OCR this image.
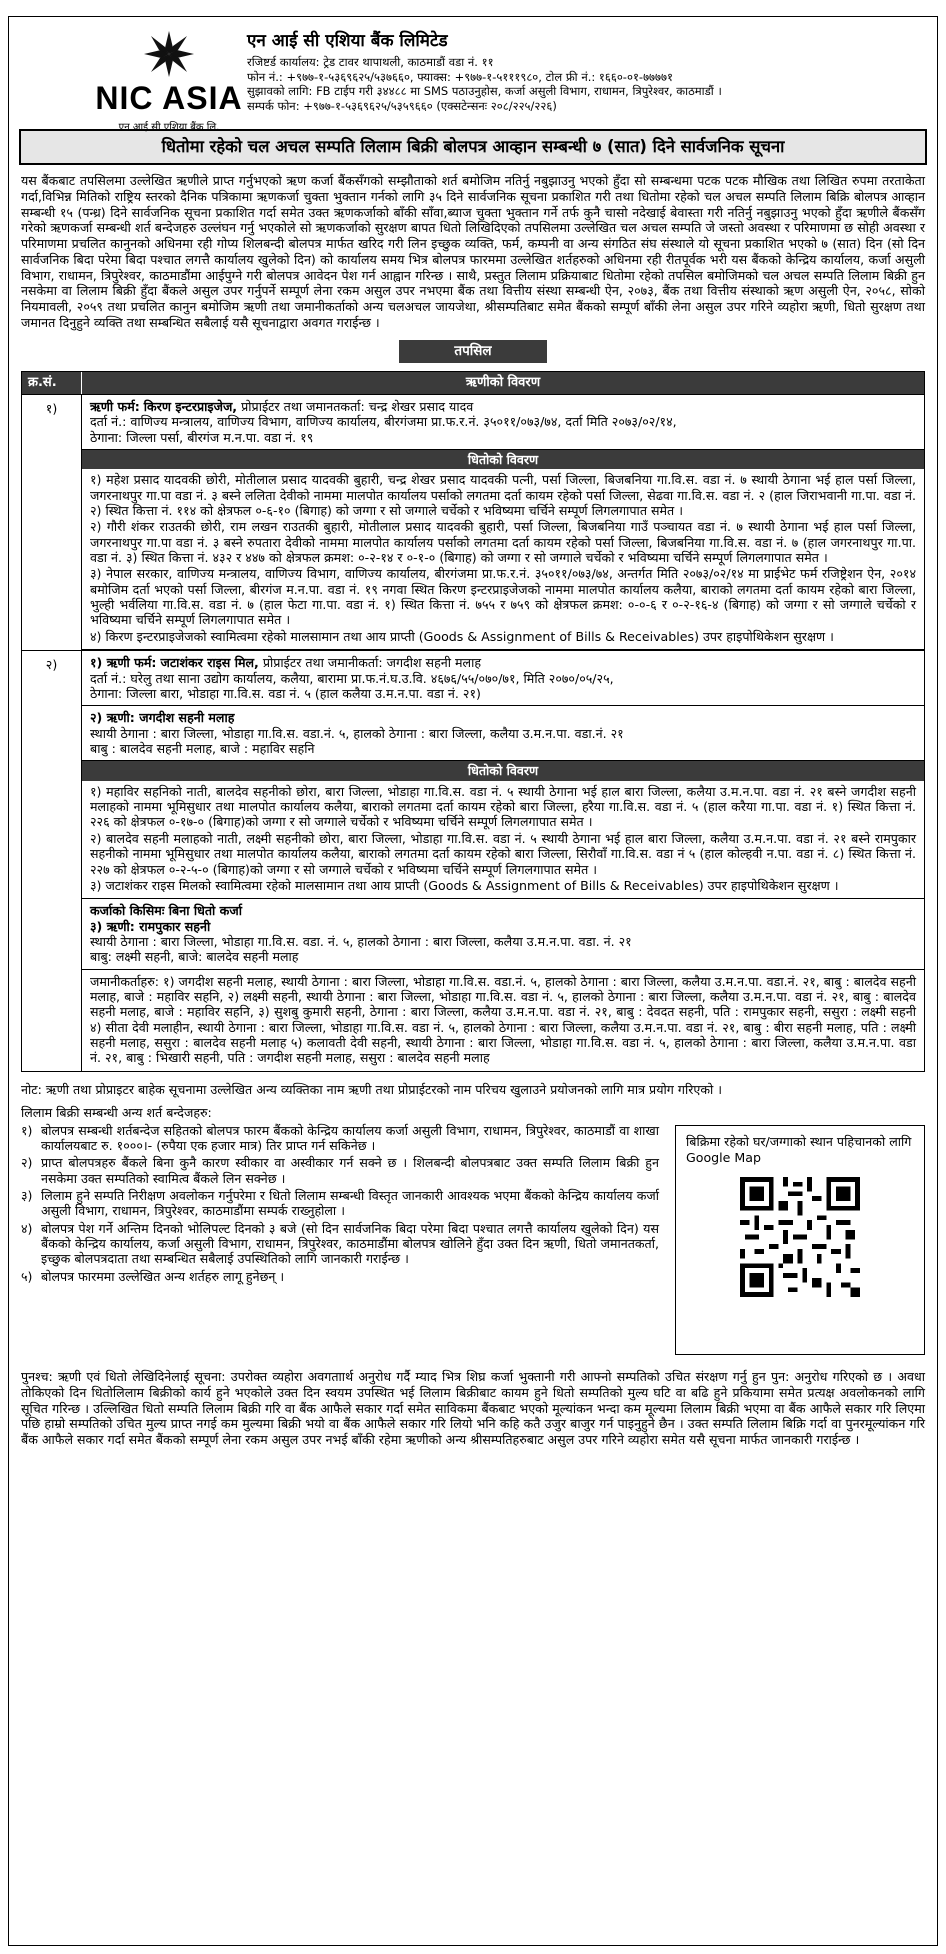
NIC ASIA
एन आई सी एशिया बैंक लि.
एन आई सी एशिया बैंक लिमिटेड
रजिष्टर्ड कार्यालय: ट्रेड टावर थापाथली, काठमाडौं वडा नं. ११
फोन नं.: +९७७-१-५३६९६२५/५३७६६०, फ्याक्स: +९७७-१-५१११९८०, टोल फ्री नं.: १६६०-०१-७७७७१
सुझावको लागि: FB टाईप गरी ३४४८८ मा SMS पठाउनुहोस, कर्जा असुली विभाग, राधामन, त्रिपुरेश्वर, काठमाडौं ।
सम्पर्क फोन: +९७७-१-५३६९६२५/५३५९६६० (एक्सटेन्सनः २०८/२२५/२२६)
धितोमा रहेको चल अचल सम्पति लिलाम बिक्री बोलपत्र आव्हान सम्बन्धी ७ (सात) दिने सार्वजनिक सूचना
यस बैंकबाट तपसिलमा उल्लेखित ऋणीले प्राप्त गर्नुभएको ऋण कर्जा बैंकसँगको सम्झौताको शर्त बमोजिम नतिर्नु नबुझाउनु भएको हुँदा सो सम्बन्धमा पटक पटक मौखिक तथा लिखित रुपमा तरताकेता गर्दा,विभिन्न मितिको राष्ट्रिय स्तरको दैनिक पत्रिकामा ऋणकर्जा चुक्ता भुक्तान गर्नको लागि ३५ दिने सार्वजनिक सूचना प्रकाशित गरी तथा धितोमा रहेको चल अचल सम्पति लिलाम बिक्रि बोलपत्र आव्हान सम्बन्धी १५ (पन्ध्र) दिने सार्वजनिक सूचना प्रकाशित गर्दा समेत उक्त ऋणकर्जाको बाँकी साँवा,ब्याज चुक्ता भुक्तान गर्ने तर्फ कुनै चासो नदेखाई बेवास्ता गरी नतिर्नु नबुझाउनु भएको हुँदा ऋणीले बैंकसँग गरेको ऋणकर्जा सम्बन्धी शर्त बन्देजहरु उल्लंघन गर्नु भएकोले सो ऋणकर्जाको सुरक्षण बापत धितो लिखिदिएको तपसिलमा उल्लेखित चल अचल सम्पति जे जस्तो अवस्था र परिमाणमा छ सोही अवस्था र परिमाणमा प्रचलित कानुनको अधिनमा रही गोप्य शिलबन्दी बोलपत्र मार्फत खरिद गरी लिन इच्छुक व्यक्ति, फर्म, कम्पनी वा अन्य संगठित संघ संस्थाले यो सूचना प्रकाशित भएको ७ (सात) दिन (सो दिन सार्वजनिक बिदा परेमा बिदा पश्चात लगत्तै कार्यालय खुलेको दिन) को कार्यालय समय भित्र बोलपत्र फारममा उल्लेखित शर्तहरुको अधिनमा रही रीतपूर्वक भरी यस बैंकको केन्द्रिय कार्यालय, कर्जा असुली विभाग, राधामन, त्रिपुरेश्वर, काठमाडौंमा आईपुग्ने गरी बोलपत्र आवेदन पेश गर्न आह्वान गरिन्छ । साथै, प्रस्तुत लिलाम प्रक्रियाबाट धितोमा रहेको तपसिल बमोजिमको चल अचल सम्पति लिलाम बिक्री हुन नसकेमा वा लिलाम बिक्री हुँदा बैंकले असुल उपर गर्नुपर्ने सम्पूर्ण लेना रकम असुल उपर नभएमा बैंक तथा वित्तीय संस्था सम्बन्धी ऐन, २०७३, बैंक तथा वित्तीय संस्थाको ऋण असुली ऐन, २०५८, सोको नियमावली, २०५९ तथा प्रचलित कानुन बमोजिम ऋणी तथा जमानीकर्ताको अन्य चलअचल जायजेथा, श्रीसम्पतिबाट समेत बैंकको सम्पूर्ण बाँकी लेना असुल उपर गरिने व्यहोरा ऋणी, धितो सुरक्षण तथा जमानत दिनुहुने व्यक्ति तथा सम्बन्धित सबैलाई यसै सूचनाद्वारा अवगत गराईन्छ ।
तपसिल
क्र.सं.	ऋणीको विवरण
१)	ऋणी फर्म: किरण इन्टरप्राइजेज, प्रोप्राईटर तथा जमानतकर्ता: चन्द्र शेखर प्रसाद यादव
दर्ता नं.: वाणिज्य मन्त्रालय, वाणिज्य विभाग, वाणिज्य कार्यालय, बीरगंजमा प्रा.फ.र.नं. ३५०११/०७३/७४, दर्ता मिति २०७३/०२/१४,
ठेगाना: जिल्ला पर्सा, बीरगंज म.न.पा. वडा नं. १९
धितोको विवरण
१) महेश प्रसाद यादवकी छोरी, मोतीलाल प्रसाद यादवकी बुहारी, चन्द्र शेखर प्रसाद यादवकी पत्नी, पर्सा जिल्ला, बिजबनिया गा.वि.स. वडा नं. ७ स्थायी ठेगाना भई हाल पर्सा जिल्ला, जगरनाथपुर गा.पा वडा नं. ३ बस्ने ललिता देवीको नाममा मालपोत कार्यालय पर्साको लगतमा दर्ता कायम रहेको पर्सा जिल्ला, सेढवा गा.वि.स. वडा नं. २ (हाल जिराभवानी गा.पा. वडा नं. २) स्थित कित्ता नं. ११४ को क्षेत्रफल ०-६-१० (बिगाह) को जग्गा र सो जग्गाले चर्चेको र भविष्यमा चर्चिने सम्पूर्ण लिगलगापात समेत ।
२) गौरी शंकर राउतकी छोरी, राम लखन राउतकी बुहारी, मोतीलाल प्रसाद यादवकी बुहारी, पर्सा जिल्ला, बिजबनिया गाउँ पञ्चायत वडा नं. ७ स्थायी ठेगाना भई हाल पर्सा जिल्ला, जगरनाथपुर गा.पा वडा नं. ३ बस्ने रुपतारा देवीको नाममा मालपोत कार्यालय पर्साको लगतमा दर्ता कायम रहेको पर्सा जिल्ला, बिजबनिया गा.वि.स. वडा नं. ७ (हाल जगरनाथपुर गा.पा. वडा नं. ३) स्थित कित्ता नं. ४३२ र ४४७ को क्षेत्रफल क्रमश: ०-२-१४ र ०-१-० (बिगाह) को जग्गा र सो जग्गाले चर्चेको र भविष्यमा चर्चिने सम्पूर्ण लिगलगापात समेत ।
३) नेपाल सरकार, वाणिज्य मन्त्रालय, वाणिज्य विभाग, वाणिज्य कार्यालय, बीरगंजमा प्रा.फ.र.नं. ३५०११/०७३/७४, अन्तर्गत मिति २०७३/०२/१४ मा प्राईभेट फर्म रजिष्ट्रेशन ऐन, २०१४ बमोजिम दर्ता भएको पर्सा जिल्ला, बीरगंज म.न.पा. वडा नं. १९ नगवा स्थित किरण इन्टरप्राइजेजको नाममा मालपोत कार्यालय कलैया, बाराको लगतमा दर्ता कायम रहेको बारा जिल्ला, भुल्ही भर्वलिया गा.वि.स. वडा नं. ७ (हाल फेटा गा.पा. वडा नं. १) स्थित कित्ता नं. ७५५ र ७५९ को क्षेत्रफल क्रमश: ०-०-६ र ०-२-१६-४ (बिगाह) को जग्गा र सो जग्गाले चर्चेको र भविष्यमा चर्चिने सम्पूर्ण लिगलगापात समेत ।
४) किरण इन्टरप्राइजेजको स्वामित्वमा रहेको मालसामान तथा आय प्राप्ती (Goods & Assignment of Bills & Receivables) उपर हाइपोथिकेशन सुरक्षण ।
२)	१) ऋणी फर्म: जटाशंकर राइस मिल, प्रोप्राईटर तथा जमानीकर्ता: जगदीश सहनी मलाह
दर्ता नं.: घरेलु तथा साना उद्योग कार्यालय, कलैया, बारामा प्रा.फ.नं.घ.उ.वि. ४६७६/५५/०७०/७१, मिति २०७०/०५/२५,
ठेगाना: जिल्ला बारा, भोडाहा गा.वि.स. वडा नं. ५ (हाल कलैया उ.म.न.पा. वडा नं. २१)
२) ऋणी: जगदीश सहनी मलाह
स्थायी ठेगाना : बारा जिल्ला, भोडाहा गा.वि.स. वडा.नं. ५, हालको ठेगाना : बारा जिल्ला, कलैया उ.म.न.पा. वडा.नं. २१
बाबु : बालदेव सहनी मलाह, बाजे : महाविर सहनि
धितोको विवरण
१) महाविर सहनिको नाती, बालदेव सहनीको छोरा, बारा जिल्ला, भोडाहा गा.वि.स. वडा नं. ५ स्थायी ठेगाना भई हाल बारा जिल्ला, कलैया उ.म.न.पा. वडा नं. २१ बस्ने जगदीश सहनी मलाहको नाममा भूमिसुधार तथा मालपोत कार्यालय कलैया, बाराको लगतमा दर्ता कायम रहेको बारा जिल्ला, हरैया गा.वि.स. वडा नं. ५ (हाल करैया गा.पा. वडा नं. १) स्थित कित्ता नं. २२६ को क्षेत्रफल ०-१७-० (बिगाह)को जग्गा र सो जग्गाले चर्चेको र भविष्यमा चर्चिने सम्पूर्ण लिगलगापात समेत ।
२) बालदेव सहनी मलाहको नाती, लक्ष्मी सहनीको छोरा, बारा जिल्ला, भोडाहा गा.वि.स. वडा नं. ५ स्थायी ठेगाना भई हाल बारा जिल्ला, कलैया उ.म.न.पा. वडा नं. २१ बस्ने रामपुकार सहनीको नाममा भूमिसुधार तथा मालपोत कार्यालय कलैया, बाराको लगतमा दर्ता कायम रहेको बारा जिल्ला, सिरौवाँ गा.वि.स. वडा नं ५ (हाल कोल्हवी न.पा. वडा नं. ८) स्थित कित्ता नं. २२७ को क्षेत्रफल ०-२-५-० (बिगाह)को जग्गा र सो जग्गाले चर्चेको र भविष्यमा चर्चिने सम्पूर्ण लिगलगापात समेत ।
३) जटाशंकर राइस मिलको स्वामित्वमा रहेको मालसामान तथा आय प्राप्ती (Goods & Assignment of Bills & Receivables) उपर हाइपोथिकेशन सुरक्षण ।
कर्जाको किसिमः बिना धितो कर्जा
३) ऋणी: रामपुकार सहनी
स्थायी ठेगाना : बारा जिल्ला, भोडाहा गा.वि.स. वडा. नं. ५, हालको ठेगाना : बारा जिल्ला, कलैया उ.म.न.पा. वडा. नं. २१
बाबु: लक्ष्मी सहनी, बाजे: बालदेव सहनी मलाह
जमानीकर्ताहरु: १) जगदीश सहनी मलाह, स्थायी ठेगाना : बारा जिल्ला, भोडाहा गा.वि.स. वडा.नं. ५, हालको ठेगाना : बारा जिल्ला, कलैया उ.म.न.पा. वडा.नं. २१, बाबु : बालदेव सहनी मलाह, बाजे : महाविर सहनि, २) लक्ष्मी सहनी, स्थायी ठेगाना : बारा जिल्ला, भोडाहा गा.वि.स. वडा नं. ५, हालको ठेगाना : बारा जिल्ला, कलैया उ.म.न.पा. वडा नं. २१, बाबु : बालदेव सहनी मलाह, बाजे : महाविर सहनि, ३) सुशबु कुमारी सहनी, ठेगाना : बारा जिल्ला, कलैया उ.म.न.पा. वडा नं. २१, बाबु : देवदत सहनी, पति : रामपुकार सहनी, ससुरा : लक्ष्मी सहनी ४) सीता देवी मलाहीन, स्थायी ठेगाना : बारा जिल्ला, भोडाहा गा.वि.स. वडा नं. ५, हालको ठेगाना : बारा जिल्ला, कलैया उ.म.न.पा. वडा नं. २१, बाबु : बीरा सहनी मलाह, पति : लक्ष्मी सहनी मलाह, ससुरा : बालदेव सहनी मलाह ५) कलावती देवी सहनी, स्थायी ठेगाना : बारा जिल्ला, भोडाहा गा.वि.स. वडा नं. ५, हालको ठेगाना : बारा जिल्ला, कलैया उ.म.न.पा. वडा नं. २१, बाबु : भिखारी सहनी, पति : जगदीश सहनी मलाह, ससुरा : बालदेव सहनी मलाह
नोट: ऋणी तथा प्रोप्राइटर बाहेक सूचनामा उल्लेखित अन्य व्यक्तिका नाम ऋणी तथा प्रोप्राईटरको नाम परिचय खुलाउने प्रयोजनको लागि मात्र प्रयोग गरिएको ।
लिलाम बिक्री सम्बन्धी अन्य शर्त बन्देजहरु:
१) बोलपत्र सम्बन्धी शर्तबन्देज सहितको बोलपत्र फारम बैंकको केन्द्रिय कार्यालय कर्जा असुली विभाग, राधामन, त्रिपुरेश्वर, काठमाडौं वा शाखा कार्यालयबाट रु. १०००।- (रुपैया एक हजार मात्र) तिर प्राप्त गर्न सकिनेछ ।
२) प्राप्त बोलपत्रहरु बैंकले बिना कुनै कारण स्वीकार वा अस्वीकार गर्न सक्ने छ । शिलबन्दी बोलपत्रबाट उक्त सम्पति लिलाम बिक्री हुन नसकेमा उक्त सम्पतिको स्वामित्व बैंकले लिन सक्नेछ ।
३) लिलाम हुने सम्पति निरीक्षण अवलोकन गर्नुपरेमा र धितो लिलाम सम्बन्धी विस्तृत जानकारी आवश्यक भएमा बैंकको केन्द्रिय कार्यालय कर्जा असुली विभाग, राधामन, त्रिपुरेश्वर, काठमाडौंमा सम्पर्क राख्नुहोला ।
४) बोलपत्र पेश गर्ने अन्तिम दिनको भोलिपल्ट दिनको ३ बजे (सो दिन सार्वजनिक बिदा परेमा बिदा पश्चात लगत्तै कार्यालय खुलेको दिन) यस बैंकको केन्द्रिय कार्यालय, कर्जा असुली विभाग, राधामन, त्रिपुरेश्वर, काठमाडौंमा बोलपत्र खोलिने हुँदा उक्त दिन ऋणी, धितो जमानतकर्ता, इच्छुक बोलपत्रदाता तथा सम्बन्धित सबैलाई उपस्थितिको लागि जानकारी गराईन्छ ।
५) बोलपत्र फारममा उल्लेखित अन्य शर्तहरु लागू हुनेछन् ।
बिक्रिमा रहेको घर/जग्गाको स्थान पहिचानको लागि Google Map
पुनश्च: ऋणी एवं धितो लेखिदिनेलाई सूचना: उपरोक्त व्यहोरा अवगताार्थ अनुरोध गर्दै म्याद भित्र शिघ्र कर्जा भुक्तानी गरी आफ्नो सम्पतिको उचित संरक्षण गर्नु हुन पुन: अनुरोध गरिएको छ । अवधा तोकिएको दिन धितोलिलाम बिक्रीको कार्य हुने भएकोले उक्त दिन स्वयम उपस्थित भई लिलाम बिक्रीबाट कायम हुने धितो सम्पतिको मुल्य घटि वा बढि हुने प्रकियामा समेत प्रत्यक्ष अवलोकनको लागि सूचित गरिन्छ । उल्लिखित धितो सम्पति लिलाम बिक्री गरि वा बैंक आफैले सकार गर्दा समेत साविकमा बैंकबाट भएको मूल्यांकन भन्दा कम मूल्यमा लिलाम बिक्री भएमा वा बैंक आफैले सकार गरि लिएमा पछि हाम्रो सम्पतिको उचित मुल्य प्राप्त नगई कम मुल्यमा बिक्री भयो वा बैंक आफैले सकार गरि लियो भनि कहि कतै उजुर बाजुर गर्न पाइनुहुने छैन । उक्त सम्पति लिलाम बिक्रि गर्दा वा पुनरमूल्यांकन गरि बैंक आफैले सकार गर्दा समेत बैंकको सम्पूर्ण लेना रकम असुल उपर नभई बाँकी रहेमा ऋणीको अन्य श्रीसम्पतिहरुबाट असुल उपर गरिने व्यहोरा समेत यसै सूचना मार्फत जानकारी गराईन्छ ।
